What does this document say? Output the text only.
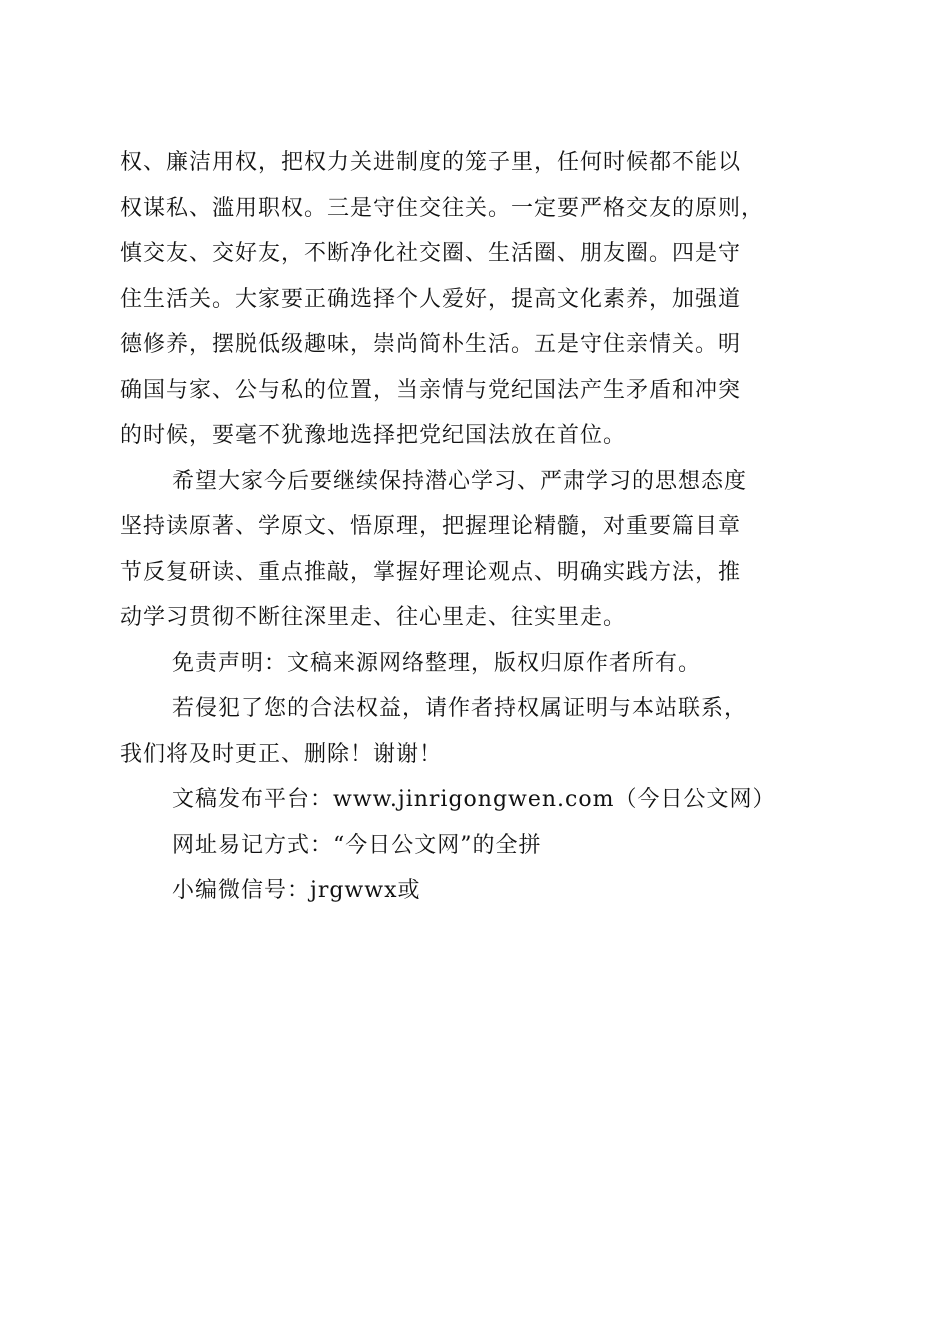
权、廉洁用权，把权力关进制度的笼子里，任何时候都不能以
权谋私、滥用职权。三是守住交往关。一定要严格交友的原则，
慎交友、交好友，不断净化社交圈、生活圈、朋友圈。四是守
住生活关。大家要正确选择个人爱好，提高文化素养，加强道
德修养，摆脱低级趣味，崇尚简朴生活。五是守住亲情关。明
确国与家、公与私的位置，当亲情与党纪国法产生矛盾和冲突
的时候，要毫不犹豫地选择把党纪国法放在首位。
希望大家今后要继续保持潜心学习、严肃学习的思想态度
坚持读原著、学原文、悟原理，把握理论精髓，对重要篇目章
节反复研读、重点推敲，掌握好理论观点、明确实践方法，推
动学习贯彻不断往深里走、往心里走、往实里走。
免责声明：文稿来源网络整理，版权归原作者所有。
若侵犯了您的合法权益，请作者持权属证明与本站联系，
我们将及时更正、删除！谢谢！
文稿发布平台：www.jinrigongwen.com（今日公文网）
网址易记方式：“今日公文网”的全拼
小编微信号：jrgwwx或
